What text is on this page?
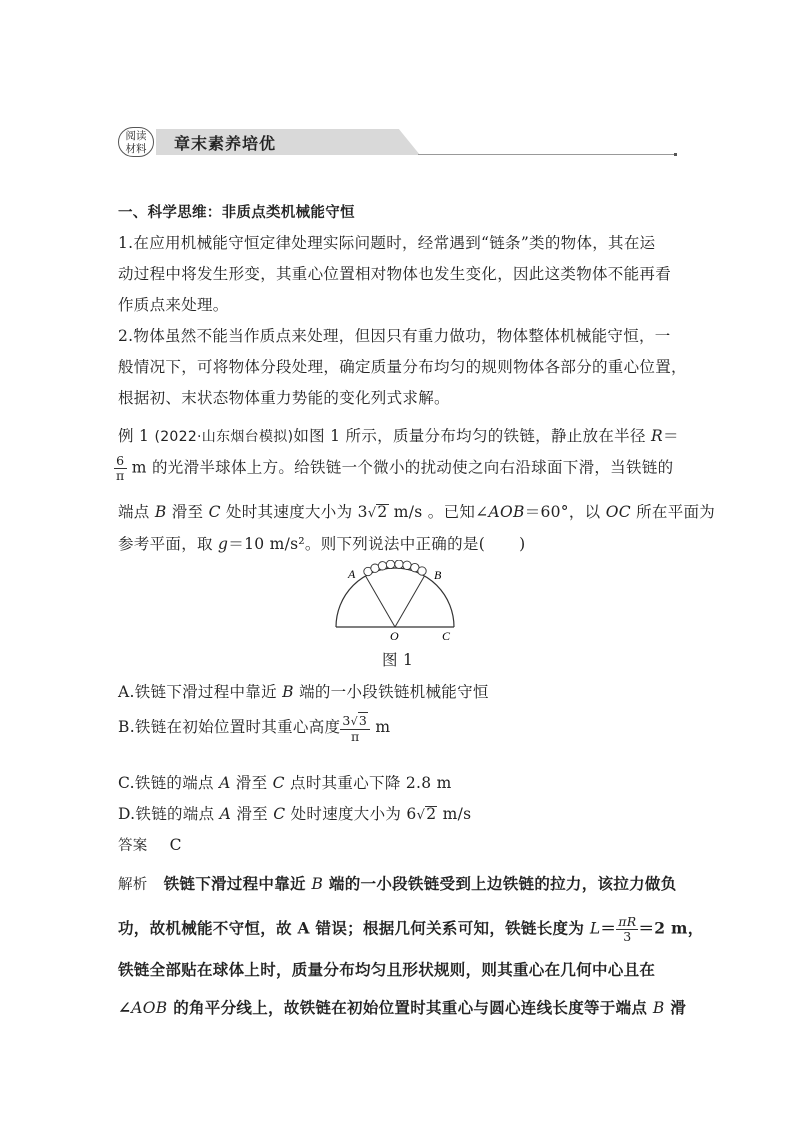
阅读
材料	章末素养培优
一、科学思维：非质点类机械能守恒
1.在应用机械能守恒定律处理实际问题时，经常遇到“链条”类的物体，其在运
动过程中将发生形变，其重心位置相对物体也发生变化，因此这类物体不能再看
作质点来处理。
2.物体虽然不能当作质点来处理，但因只有重力做功，物体整体机械能守恒，一
般情况下，可将物体分段处理，确定质量分布均匀的规则物体各部分的重心位置，
根据初、末状态物体重力势能的变化列式求解。
例 1 (2022·山东烟台模拟)如图 1 所示，质量分布均匀的铁链，静止放在半径 R＝
$\frac{6}{\pi}$ m 的光滑半球体上方。给铁链一个微小的扰动使之向右沿球面下滑，当铁链的
端点 B 滑至 C 处时其速度大小为 3√2 m/s 。已知∠AOB＝60°，以 OC 所在平面为
参考平面，取 g＝10 m/s²。则下列说法中正确的是( )
A	B
O	C
图 1
A.铁链下滑过程中靠近 B 端的一小段铁链机械能守恒
B.铁链在初始位置时其重心高度 $\frac{3√3}{\pi}$ m
C.铁链的端点 A 滑至 C 点时其重心下降 2.8 m
D.铁链的端点 A 滑至 C 处时速度大小为 6√2 m/s
答案 C
解析 铁链下滑过程中靠近 B 端的一小段铁链受到上边铁链的拉力，该拉力做负
功，故机械能不守恒，故 A 错误；根据几何关系可知，铁链长度为 $L= \frac{\pi R}{3} =2$ m，
铁链全部贴在球体上时，质量分布均匀且形状规则，则其重心在几何中心且在
∠AOB 的角平分线上，故铁链在初始位置时其重心与圆心连线长度等于端点 B 滑
